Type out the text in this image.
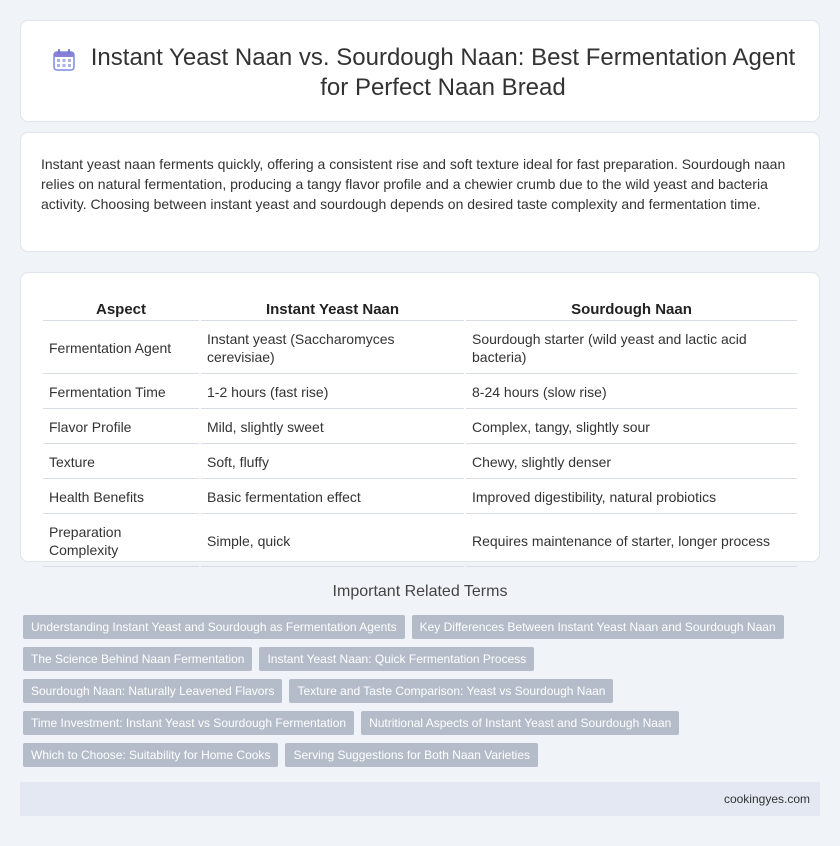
Instant Yeast Naan vs. Sourdough Naan: Best Fermentation Agent for Perfect Naan Bread

Instant yeast naan ferments quickly, offering a consistent rise and soft texture ideal for fast preparation. Sourdough naan relies on natural fermentation, producing a tangy flavor profile and a chewier crumb due to the wild yeast and bacteria activity. Choosing between instant yeast and sourdough depends on desired taste complexity and fermentation time.

Aspect	Instant Yeast Naan	Sourdough Naan
Fermentation Agent	Instant yeast (Saccharomyces cerevisiae)	Sourdough starter (wild yeast and lactic acid bacteria)
Fermentation Time	1-2 hours (fast rise)	8-24 hours (slow rise)
Flavor Profile	Mild, slightly sweet	Complex, tangy, slightly sour
Texture	Soft, fluffy	Chewy, slightly denser
Health Benefits	Basic fermentation effect	Improved digestibility, natural probiotics
Preparation Complexity	Simple, quick	Requires maintenance of starter, longer process
Important Related Terms
Understanding Instant Yeast and Sourdough as Fermentation Agents	Key Differences Between Instant Yeast Naan and Sourdough Naan
The Science Behind Naan Fermentation	Instant Yeast Naan: Quick Fermentation Process
Sourdough Naan: Naturally Leavened Flavors	Texture and Taste Comparison: Yeast vs Sourdough Naan
Time Investment: Instant Yeast vs Sourdough Fermentation	Nutritional Aspects of Instant Yeast and Sourdough Naan
Which to Choose: Suitability for Home Cooks	Serving Suggestions for Both Naan Varieties
cookingyes.com
